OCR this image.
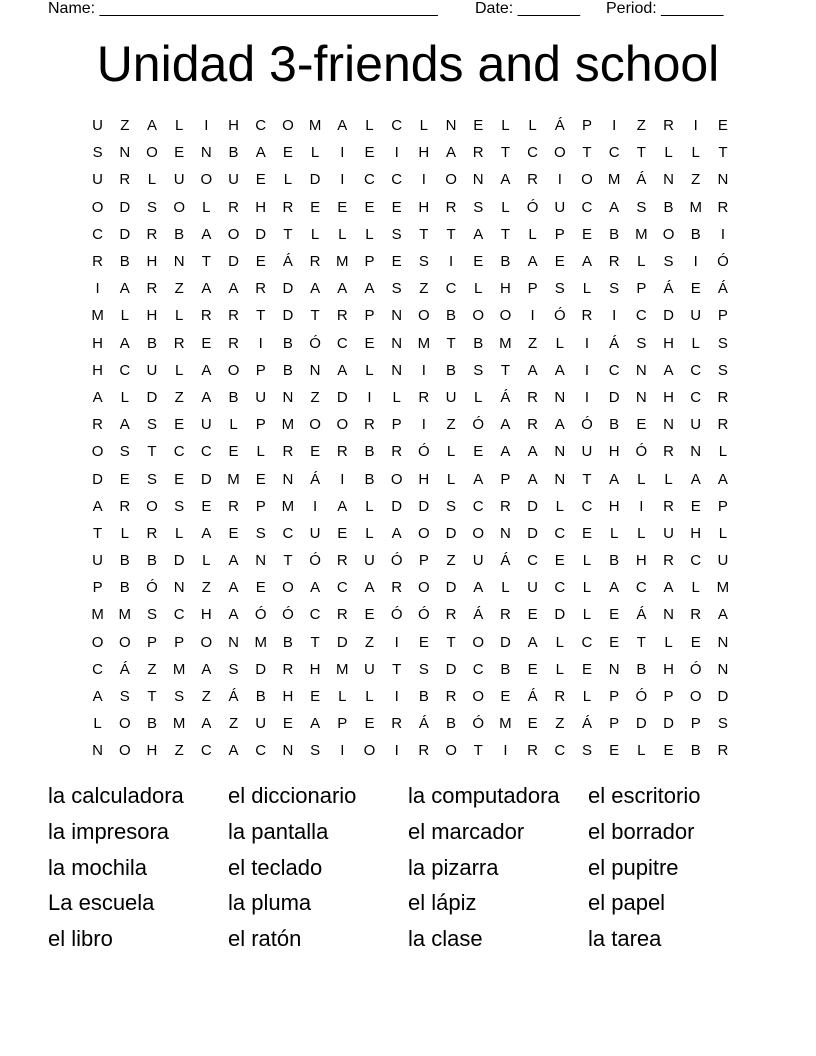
Name: ______________________________________ Date: _______ Period: _______
Unidad 3-friends and school
U	Z	A	L	I	H	C	O	M	A	L	C	L	N	E	L	L	Á	P	I	Z	R	I	E
S	N	O	E	N	B	A	E	L	I	E	I	H	A	R	T	C	O	T	C	T	L	L	T
U	R	L	U	O	U	E	L	D	I	C	C	I	O	N	A	R	I	O	M	Á	N	Z	N
O	D	S	O	L	R	H	R	E	E	E	E	H	R	S	L	Ó	U	C	A	S	B	M	R
C	D	R	B	A	O	D	T	L	L	L	S	T	T	A	T	L	P	E	B	M	O	B	I
R	B	H	N	T	D	E	Á	R	M	P	E	S	I	E	B	A	E	A	R	L	S	I	Ó
I	A	R	Z	A	A	R	D	A	A	A	S	Z	C	L	H	P	S	L	S	P	Á	E	Á
M	L	H	L	R	R	T	D	T	R	P	N	O	B	O	O	I	Ó	R	I	C	D	U	P
H	A	B	R	E	R	I	B	Ó	C	E	N	M	T	B	M	Z	L	I	Á	S	H	L	S
H	C	U	L	A	O	P	B	N	A	L	N	I	B	S	T	A	A	I	C	N	A	C	S
A	L	D	Z	A	B	U	N	Z	D	I	L	R	U	L	Á	R	N	I	D	N	H	C	R
R	A	S	E	U	L	P	M	O	O	R	P	I	Z	Ó	A	R	A	Ó	B	E	N	U	R
O	S	T	C	C	E	L	R	E	R	B	R	Ó	L	E	A	A	N	U	H	Ó	R	N	L
D	E	S	E	D	M	E	N	Á	I	B	O	H	L	A	P	A	N	T	A	L	L	A	A
A	R	O	S	E	R	P	M	I	A	L	D	D	S	C	R	D	L	C	H	I	R	E	P
T	L	R	L	A	E	S	C	U	E	L	A	O	D	O	N	D	C	E	L	L	U	H	L
U	B	B	D	L	A	N	T	Ó	R	U	Ó	P	Z	U	Á	C	E	L	B	H	R	C	U
P	B	Ó	N	Z	A	E	O	A	C	A	R	O	D	A	L	U	C	L	A	C	A	L	M
M	M	S	C	H	A	Ó	Ó	C	R	E	Ó	Ó	R	Á	R	E	D	L	E	Á	N	R	A
O	O	P	P	O	N	M	B	T	D	Z	I	E	T	O	D	A	L	C	E	T	L	E	N
C	Á	Z	M	A	S	D	R	H	M	U	T	S	D	C	B	E	L	E	N	B	H	Ó	N
A	S	T	S	Z	Á	B	H	E	L	L	I	B	R	O	E	Á	R	L	P	Ó	P	O	D
L	O	B	M	A	Z	U	E	A	P	E	R	Á	B	Ó	M	E	Z	Á	P	D	D	P	S
N	O	H	Z	C	A	C	N	S	I	O	I	R	O	T	I	R	C	S	E	L	E	B	R
la calculadora	el diccionario	la computadora	el escritorio
la impresora	la pantalla	el marcador	el borrador
la mochila	el teclado	la pizarra	el pupitre
La escuela	la pluma	el lápiz	el papel
el libro	el ratón	la clase	la tarea
